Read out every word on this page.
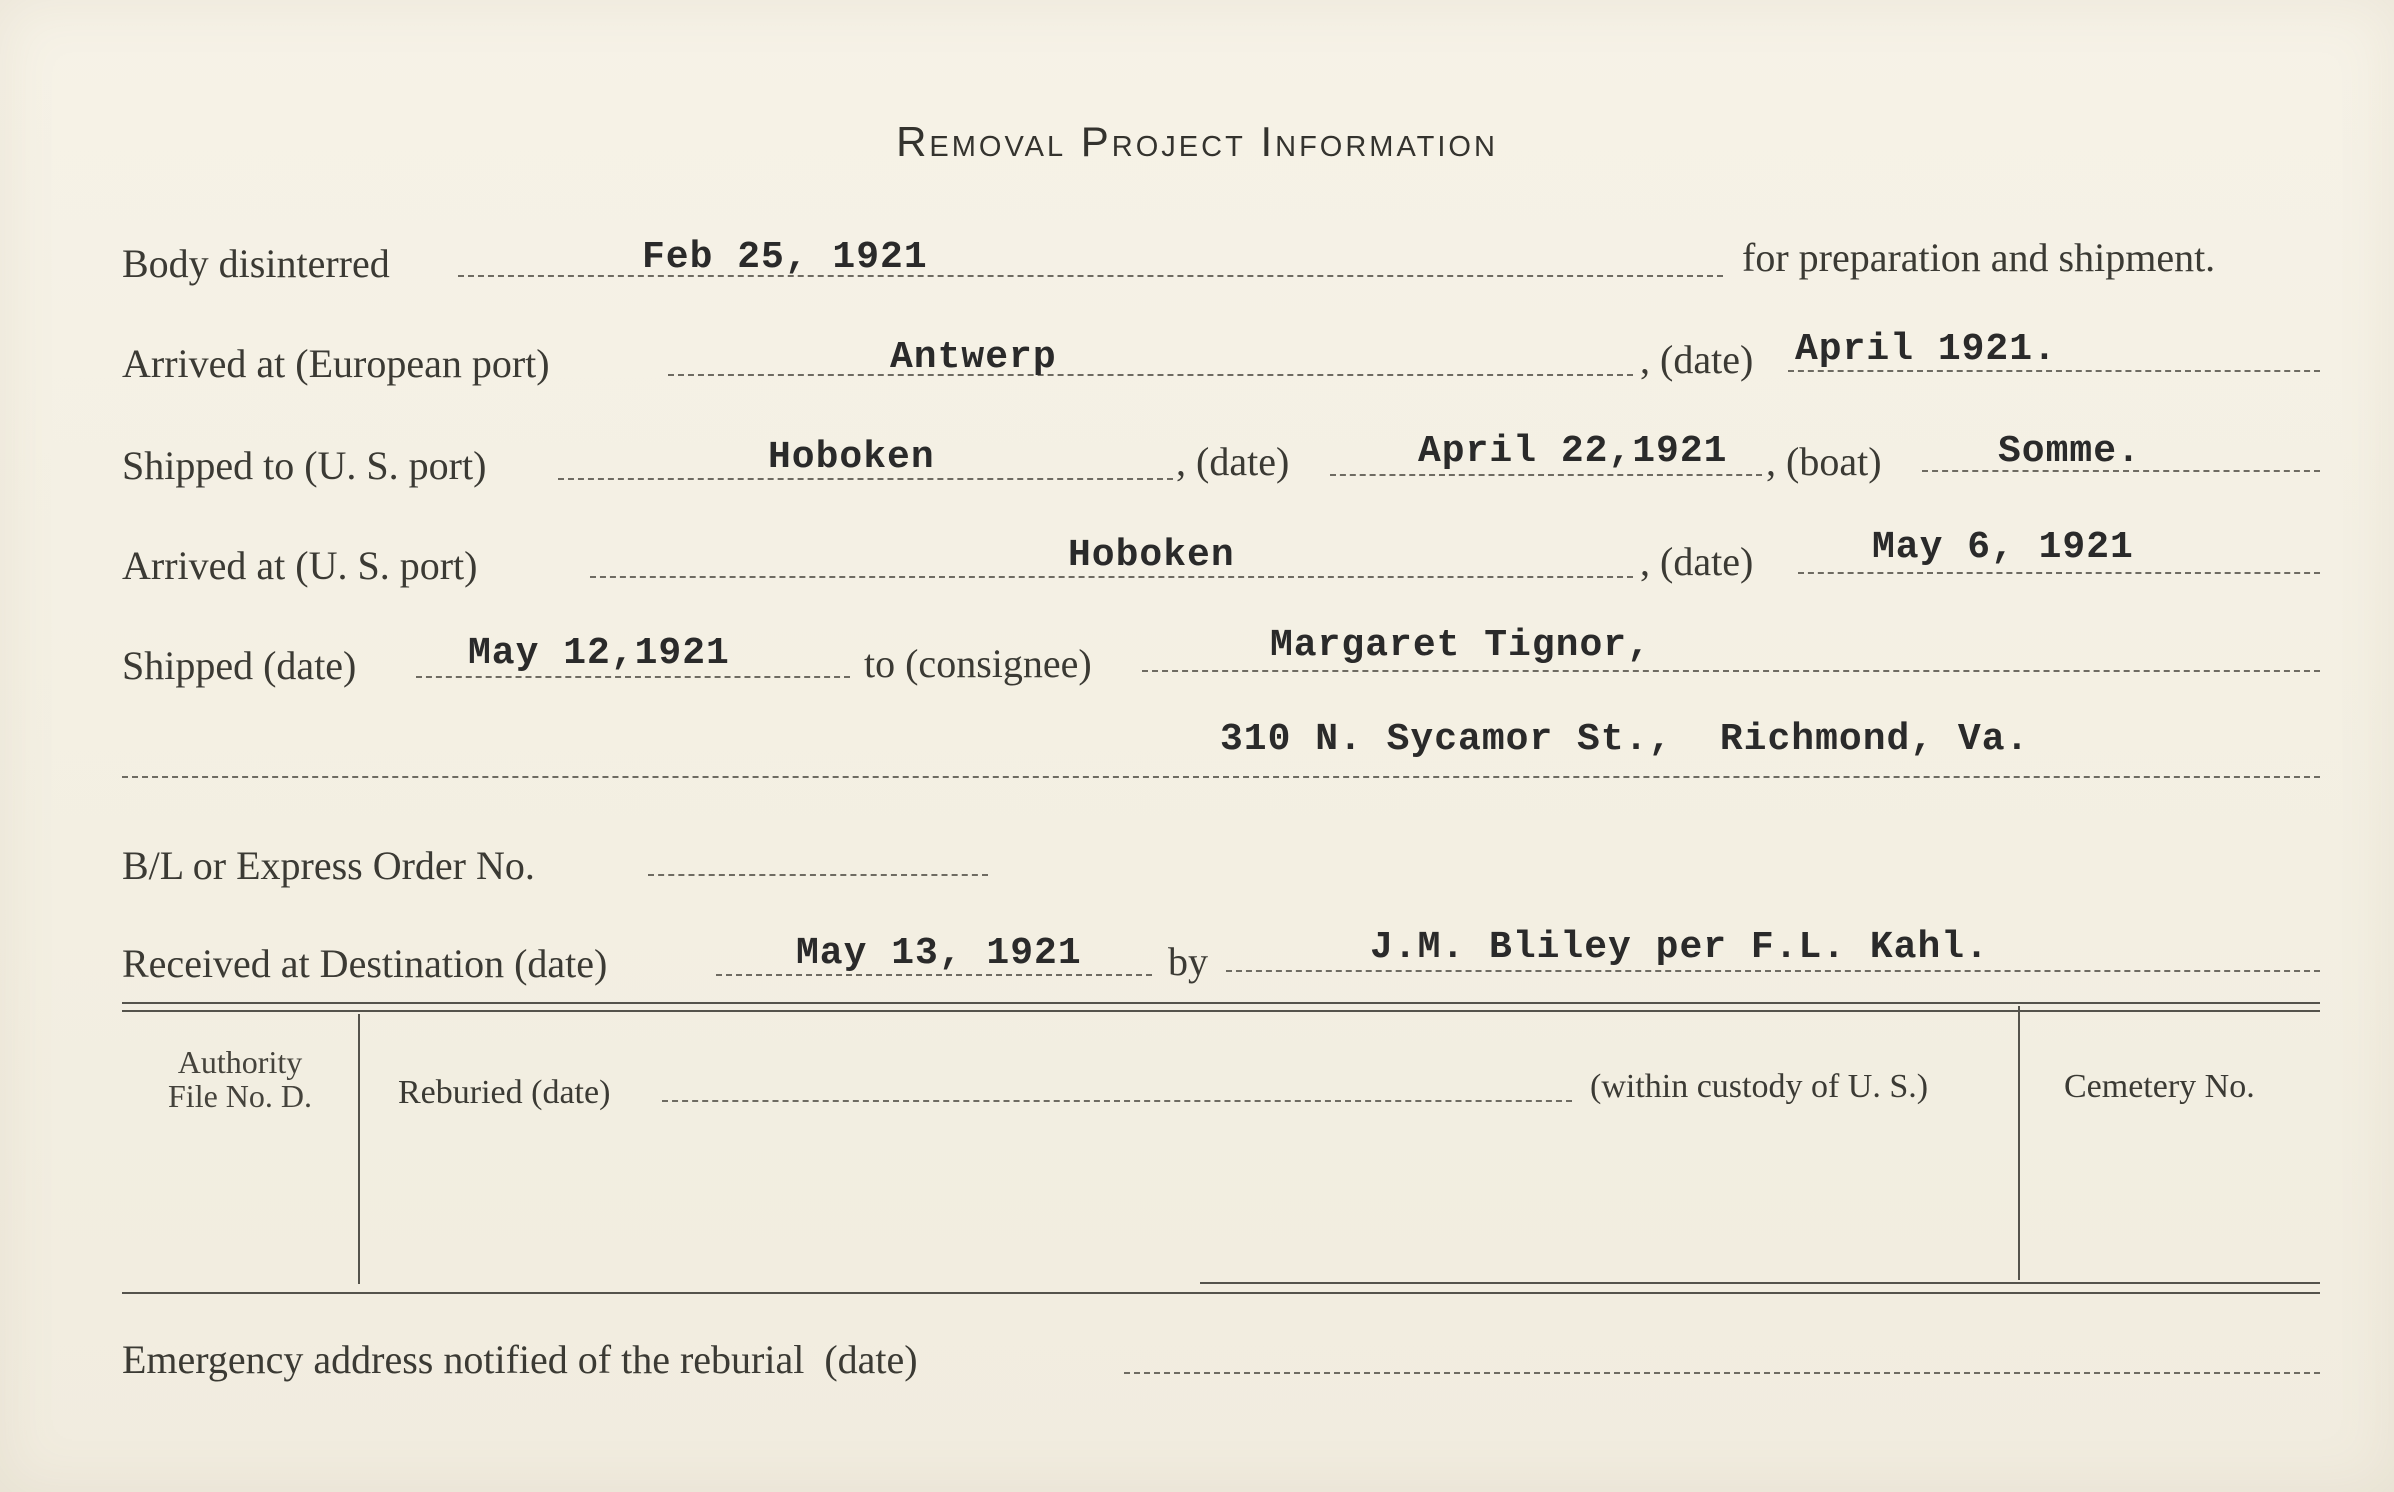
Removal Project Information
Body disinterred	Feb 25, 1921	for preparation and shipment.
Arrived at (European port)	Antwerp	, (date) April 1921.
Shipped to (U. S. port)	Hoboken	, (date)	April 22,1921 , (boat)	Somme.
Arrived at (U. S. port)	Hoboken	, (date)	May 6, 1921
Shipped (date)	May 12,1921	to (consignee)	Margaret Tignor,
310 N. Sycamor St.,  Richmond, Va.
B/L or Express Order No.
Received at Destination (date)	May 13, 1921 by	J.M. Bliley per F.L. Kahl.
Authority
File No. D.	Reburied (date)	(within custody of U. S.)	Cemetery No.
Emergency address notified of the reburial  (date)
